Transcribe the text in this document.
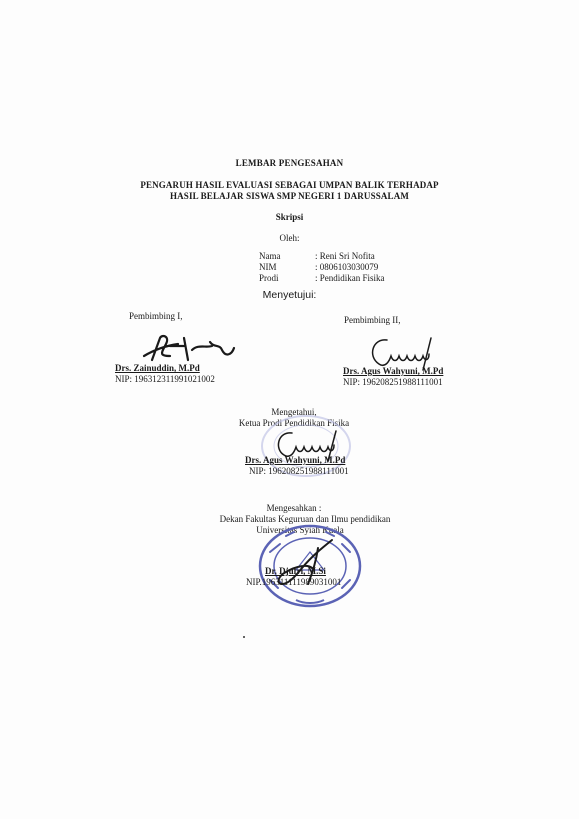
LEMBAR PENGESAHAN
PENGARUH HASIL EVALUASI SEBAGAI UMPAN BALIK TERHADAP
HASIL BELAJAR SISWA SMP NEGERI 1 DARUSSALAM
Skripsi
Oleh:
Nama	: Reni Sri Nofita
NIM	: 0806103030079
Prodi	: Pendidikan Fisika
Menyetujui:
Pembimbing I,
Drs. Zainuddin, M.Pd
NIP: 196312311991021002
Pembimbing II,
Drs. Agus Wahyuni, M.Pd
NIP: 196208251988111001
Mengetahui,
Ketua Prodi Pendidikan Fisika
Drs. Agus Wahyuni, M.Pd
NIP: 196208251988111001
Mengesahkan :
Dekan Fakultas Keguruan dan Ilmu pendidikan
Universitas Syiah Kuala
Dr. Djufri, M.Si
NIP.196311111989031001
